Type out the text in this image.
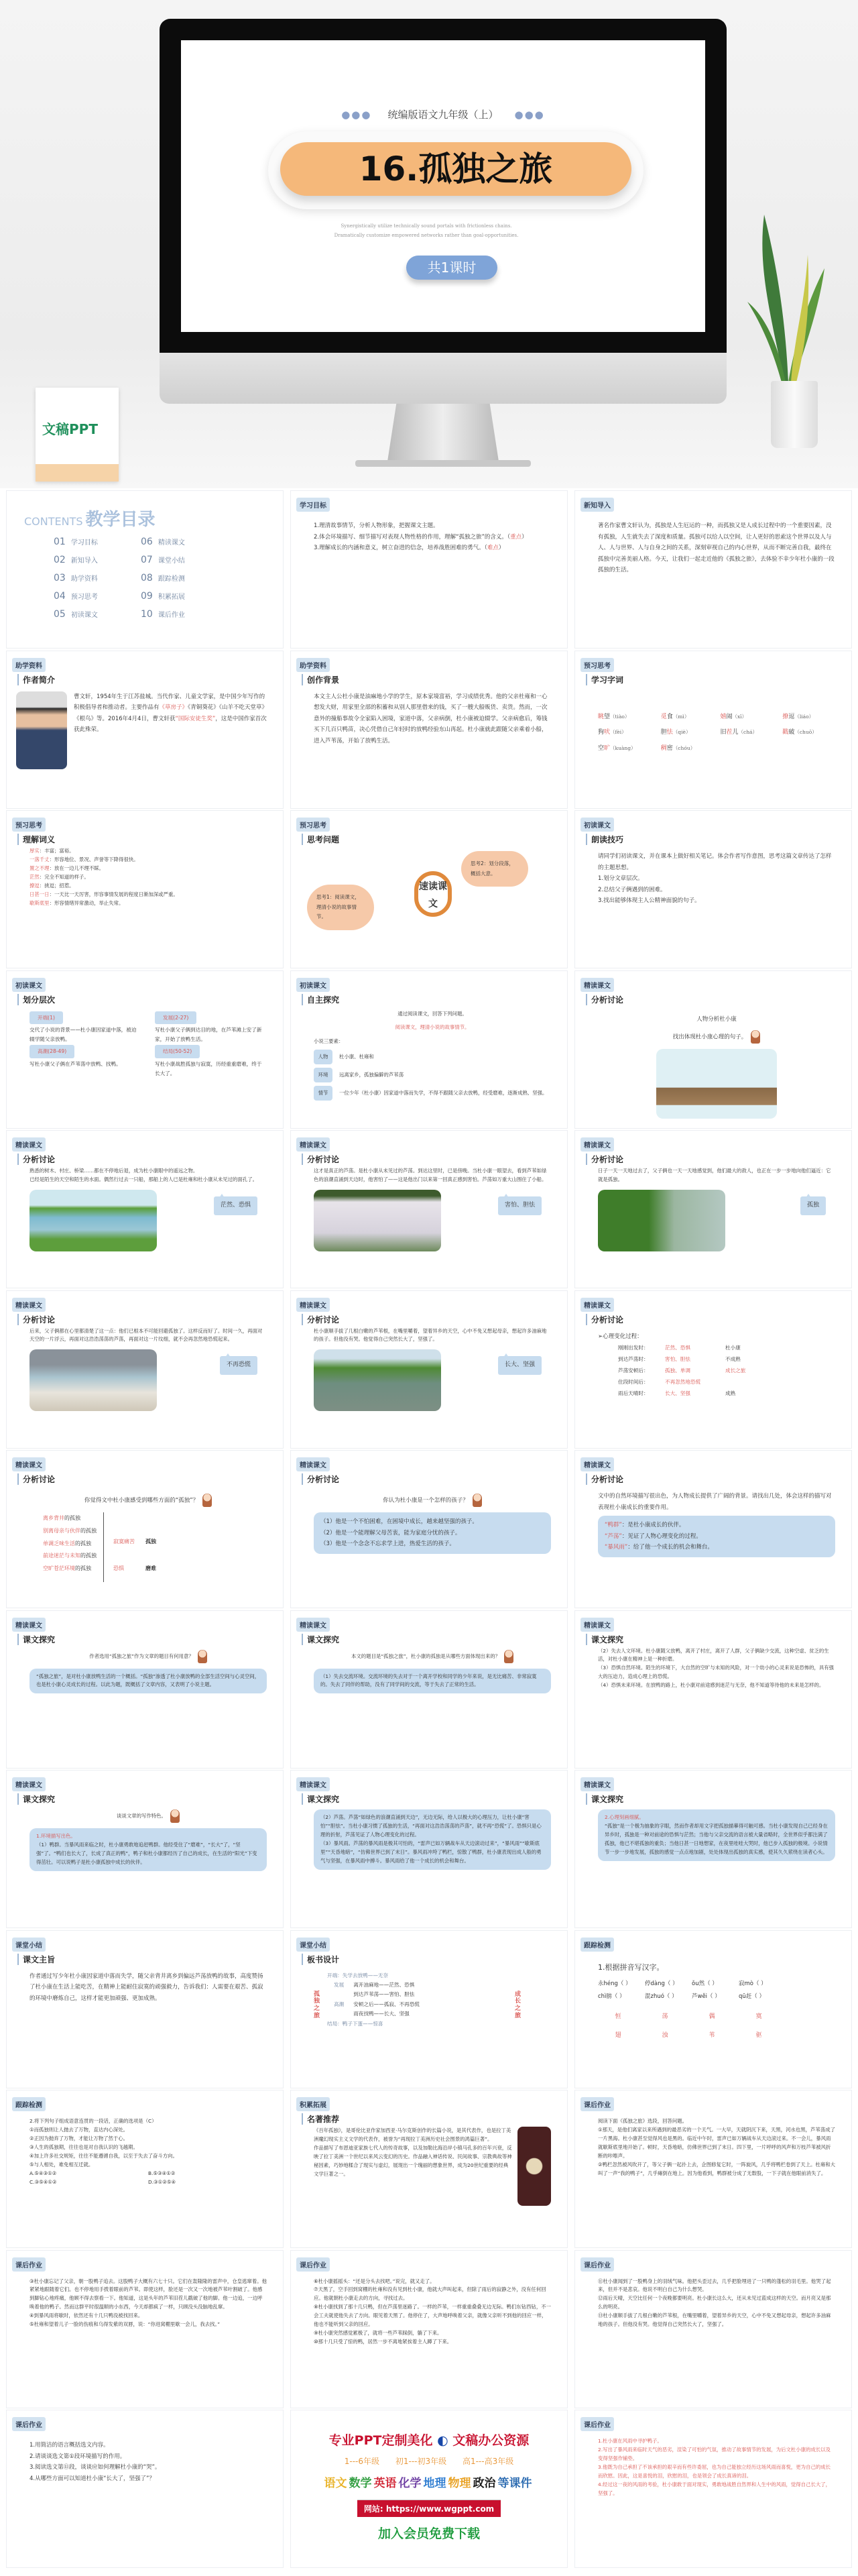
●●● 统编版语文九年级（上） ●●●
16.孤独之旅
Synergistically utilize technically sound portals with frictionless chains. Dramatically customize empowered networks rather than goal-opportunities.
共1课时
文稿PPT
CONTENTS 教学目录
01 学习目标
02 新知导入
03 助学资料
04 预习思考
05 初读课文
06 精读课文
07 课堂小结
08 跟踪检测
09 积累拓展
10 课后作业
学习目标
1.理清故事情节，分析人物形象，把握课文主题。
2.体会环境描写、细节描写对表现人物性格的作用，理解“孤独之旅”的含义。（重点）
3.理解成长的内涵和意义，树立奋进的信念，培养战胜困难的勇气。（难点）
新知导入
著名作家曹文轩认为，孤独是人生厄运的一种，而孤独又是人成长过程中的一个重要因素，没有孤独，人生就失去了深度和质量。孤独可以给人以空间，让人更好的思索这个世界以及人与人、人与世界、人与自身之间的关系，深刻审视自己的内心世界，从而不断完善自我，最终在孤独中完善美丽人格。今天，让我们一起走近他的《孤独之旅》，去体验不幸少年杜小康的一段孤独的生活。
助学资料
作者简介
曹文轩，1954年生于江苏盐城。当代作家、儿童文学家，是中国少年写作的积极倡导者和推动者。主要作品有《草房子》《青铜葵花》《山羊不吃天堂草》《根鸟》等。2016年4月4日，曹文轩获“国际安徒生奖”，这是中国作家首次获此殊荣。
助学资料
创作背景
本文主人公杜小康是油麻地小学的学生，原本家境富裕，学习成绩优秀。他的父亲杜雍和一心想发大财，用家里全部的积蓄和从别人那里借来的钱，买了一艘大船贩货、卖货。然而，一次意外的撞船事故令全家陷入困境，家道中落，父亲病倒，杜小康被迫辍学。父亲病愈后，筹钱买下几百只鸭苗，决心凭借自己年轻时的放鸭经验东山再起。杜小康就此跟随父亲乘着小船，进入芦苇荡，开始了放鸭生活。
预习思考
学习字词
眺望（tiào）	觅食（mì）	嬉闹（xī）	撩逗（liáo）
狗吠（fèi）	胆怯（qiè）	旧茬儿（chá）	戳破（chuō）
空旷（kuàng）	稠密（chóu）
预习思考
理解词义
厚实：丰富；富裕。
一落千丈：形容地位、景况、声誉等下降得很快。
置之不理：放在一边儿不理不睬。
茫然：完全不知道的样子。
撩逗：挑逗；招惹。
日甚一日：一天比一天厉害，形容事情发展的程度日渐加深或严重。
歇斯底里：形容情绪异常激动，举止失常。
预习思考
思考问题
思考1：阅读课文，理清小说的故事情节。
速读课文
思考2：划分段落，概括大意。
初读课文
朗读技巧
请同学们初读课文，并在课本上做好相关笔记。体会作者写作意图，思考这篇文章传达了怎样的主题思想。
1.划分文章层次。
2.总结父子俩遇到的困难。
3.找出能够体现主人公精神面貌的句子。
初读课文
划分层次
开端(1)
交代了小说的背景——杜小康因家道中落，被迫辍学随父亲放鸭。
发展(2-27)
写杜小康父子俩到达目的地，在芦苇滩上安了新家，开始了放鸭生活。
高潮(28-49)
写杜小康父子俩在芦苇荡中放鸭、找鸭。
结局(50-52)
写杜小康战胜孤独与寂寞，历经重重磨难，终于长大了。
初读课文
自主探究
通过阅读课文，回答下列问题。
阅读课文，理清小说的故事情节。
小说三要素：
人物	杜小康、杜雍和
环境	远离家乡，孤独偏僻的芦苇荡
情节	一位少年（杜小康）因家道中落而失学，不得不跟随父亲去放鸭，经受磨难，逐渐成熟、坚强。
精读课文
分析讨论
人物分析杜小康
找出体现杜小康心理的句子。
精读课文
分析讨论
熟悉的树木、村庄、桥梁……都在不停地后退，成为杜小康眼中的遥远之物。
已经是陌生的天空和陌生的水面。偶然行过去一只船，那船上的人已是杜雍和杜小康从未见过的面孔了。
茫然、恐惧
精读课文
分析讨论
这才是真正的芦荡。是杜小康从未见过的芦荡。到达这里时，已是傍晚。当杜小康一眼望去，看到芦苇如绿色的浪潮直涌到天边时，他害怕了——这是他出门以来第一回真正感到害怕。芦荡如万重大山围住了小船。
害怕、胆怯
精读课文
分析讨论
日子一天一天地过去了，父子俩也一天一天地感觉到，他们最大的敌人，也正在一步一步地向他们逼近：它就是孤独。
孤独
精读课文
分析讨论
后来，父子俩都在心里都清楚了这一点：他们已根本不可能回避孤独了。这样反而好了。时间一久，再面对天空的一片浮云，再面对这浩浩荡荡的芦荡，再面对这一片纹细，就不会再忽然地恐慌起来。
不再恐慌
精读课文
分析讨论
杜小康顺手拔了几根白嫩的芦苇根，在嘴里嚼着，望着异乡的天空，心中不免又想起母亲，想起许多油麻地的孩子。但他没有哭。他觉得自己突然长大了，坚强了。
长大、坚强
精读课文
分析讨论
➢心理变化过程：
刚刚出发时：	茫然、恐惧	杜小康
到达芦荡时：	害怕、胆怯	不成熟
芦荡安顿后：	孤独、单调	成长之旅
住段时间后：	不再忽然地恐慌
雨后天晴时：	长大、坚强	成熟
精读课文
分析讨论
你觉得文中杜小康感受到哪些方面的“孤独”？
离乡背井的孤独
别离母亲与伙伴的孤独
单调乏味生活的孤独
前途迷茫与未知的孤独
空旷苍茫环境的孤独
寂寞痛苦
恐惧
孤独
磨难
精读课文
分析讨论
你认为杜小康是一个怎样的孩子？
（1）他是一个不怕困难，在困境中成长，越来越坚强的孩子。
（2）他是一个能理解父母苦衷，能为家庭分忧的孩子。
（3）他是一个念念不忘求学上进，热爱生活的孩子。
精读课文
分析讨论
文中的自然环境描写很出色，为人物成长提供了广阔的背景。请找出几处，体会这样的描写对表现杜小康成长的重要作用。
“鸭群”：是杜小康成长的伙伴。
“芦荡”：见证了人物心理变化的过程。
“暴风雨”：给了他一个成长的机会和舞台。
精读课文
课文探究
作者选用“孤独之旅”作为文章的题目有何用意？
“孤独之旅”，是对杜小康放鸭生活的一个概括。“孤独”渗透了杜小康放鸭的全部生活空间与心灵空间，也是杜小康心灵成长的过程。以此为题，既概括了文章内容，又表明了小说主题。
精读课文
课文探究
本文的题目是“孤独之旅”，杜小康的孤独是从哪些方面体现出来的？
（1）失去交流环境。交流环境的失去对于一个离开学校和同学的少年来说，是无比痛苦、非常寂寞的。失去了同伴的帮助，没有了同学间的交流，等于失去了正常的生活。
精读课文
课文探究
（2）失去人文环境。杜小康随父放鸭，离开了村庄，离开了人群，父子俩缺少交流，这种空虚、贫乏的生活，对杜小康在精神上是一种折磨。
（3）恐惧自然环境。陌生的环境下，大自然的空旷与未知的风险，对一个幼小的心灵来说是恐怖的，具有强大的压迫力，造成心理上的恐慌。
（4）恐惧未来环境。在放鸭的路上，杜小康对前途感到迷茫与无奈，他不知道等待他的未来是怎样的。
精读课文
课文探究
谈谈文章的写作特色。
1.环境描写出色。
（1）鸭群。当暴风雨来临之时，杜小康勇敢地追赶鸭群。他经受住了“磨难”，“长大”了，“坚强”了。“鸭们也长大了，长成了真正的鸭”，鸭子和杜小康都经历了自己的成长，在生活的“阳光”下变得茁壮。可以说鸭子是杜小康孤独中成长的伙伴。
精读课文
课文探究
（2）芦荡。芦荡“如绿色的浪潮直涌到天边”，无边无际，给人以极大的心理压力，让杜小康“害怕”“胆怯”。当杜小康习惯了孤独的生活，“再面对这浩浩荡荡的芦荡”，就不再“恐慌”了。恐惧只是心理的折射，芦荡见证了人物心理变化的过程。
（3）暴风雨。芦荡的暴风雨是极其可怕的，“雷声已如万辆战车从天边滚动过来”，“暴风雨”“歇斯底里”“天昏地暗”，“仿佛世界已到了末日”。暴风雨冲垮了鸭栏，惊散了鸭群，杜小康表现出成人般的勇气与坚强，在暴风雨中搏斗。暴风雨给了他一个成长的机会和舞台。
精读课文
课文探究
2.心理刻画细腻。
“孤独”是一个极为抽象的字眼，然而作者却用文字把孤独描摹得可触可感。当杜小康发现自己已经身在异乡时，孤独是一种对前途的恐惧与茫然；当他与父亲交流的语言被大量省略时，全世界似乎都注满了孤独，他已不堪孤独的重负；当他日甚一日地想家，在夜里哇哇大哭时，他已步入孤独的极境。小说情节一步一步地发展，孤独的感觉一点点地加剧，处处体现出孤独的真实感，使其久久萦绕在读者心头。
课堂小结
课文主旨
作者通过写少年杜小康因家道中落而失学，随父亲背井离乡到偏远芦荡放鸭的故事，高度赞扬了杜小康在生活上能吃苦，在精神上能耐住寂寞的顽强毅力，告诉我们：人需要在艰苦、孤寂的环境中磨炼自己，这样才能更加顽强、更加成熟。
课堂小结
板书设计
孤独之旅
成长之旅
开端：失学去放鸭——无奈
发展 离开油麻地——茫然、恐惧
到达芦苇荡——害怕、胆怯
高潮 安顿之后——孤寂、不再恐慌
雨夜找鸭——长大、坚强
结局：鸭子下蛋——惊喜
跟踪检测
1.根据拼音写汉字。
永héng（ ）	停dàng（ ）	ǒu然（ ）	寂mò（ ）
chì膀（ ）	混zhuó（ ）	芦wěi（ ）	qū赶（ ）
恒	荡	偶	寞
翅	浊	苇	驱
跟踪检测
2.将下列句子组成语意连贯的一段话，正确的选项是（C）
①而孤独则让人抛去了万物，直达内心深处。
②正因为抛弃了万物，才能让万物了然于心。
③人生的孤独期，往往也是对自我认识的飞越期。
④加上许多社交规矩，往往不能遵循自我，以至于失去了奋斗方向。
⑤与人相处，难免相互迁就。
A.⑤④③①②	B.⑤③④①②
C.③⑤④①②	D.③①②⑤④
积累拓展
名著推荐
《百年孤独》，是哥伦比亚作家加西亚·马尔克斯创作的长篇小说，是其代表作，也是拉丁美洲魔幻现实主义文学的代表作，被誉为“再现拉丁美洲历史社会图景的鸿篇巨著”。
作品描写了布恩迪亚家族七代人的传奇故事，以及加勒比海沿岸小镇马孔多的百年兴衰，反映了拉丁美洲一个世纪以来风云变幻的历史。作品融入神话传说、民间故事、宗教典故等神秘因素，巧妙地糅合了现实与虚幻，展现出一个瑰丽的想象世界，成为20世纪重要的经典文学巨著之一。
课后作业
阅读下面《孤独之旅》选段，回答问题。
①那天，是他们离家以来所遇到的最恶劣的一个天气。一大早，天就阴沉下来，天黑，河水也黑，芦苇荡成了一片黑海。杜小康甚至觉得风也是黑的。临近中午时，雷声已如万辆战车从天边滚过来。不一会儿，暴风雨就歇斯底里地开始了。顿时，天昏地暗，仿佛世界已到了末日。四下里，一片呼呼的风声和万枝芦苇被风折断的咔嚓声。
②鸭栏忽然被风吹开了，等父子俩一起扑上去，企图修复它时，一阵旋风，几乎将鸭栏卷到了天上。杜雍和大叫了一声“我的鸭子”，几乎瘫倒在地上。因为他看到，鸭群被分成了无数股，一下子就在他眼前消失了。
课后作业
③杜小康忘记了父亲，朝一股鸭子追去。这股鸭子大概有六七十只。它们在轰隆隆的雷声中，仓皇逃窜着。他紧紧地跟随着它们。也不停地用手拨着眼前的芦苇。即使这样，脸还是一次又一次地被芦苇叶割破了。他感到脚钻心地疼痛，他顾不得去察看一下。他知道，这是头年的芦苇旧茬儿戳破了他的脚。他一边追，一边呼唤着他的鸭子。然而这群平时很温顺的小东西，今天却都疯了一样，只顾没头没脑地乱窜。
④到暴风雨将歇时，依然还有十几只鸭没被找回来。
⑤杜雍和望着儿子一脸的伤痕和乌得发紫的双唇，说：“你进窝棚里歇一会儿，我去找。”
课后作业
⑥杜小康摇摇头：“还是分头去找吧。”说完，就又走了。
⑦天黑了，空手回到窝棚的杜雍和没有见到杜小康，他就大声叫起来，但除了雨后的寂静之外，没有任何回应。他就朝杜小康走去的方向，寻找过去。
⑧杜小康找到了那十几只鸭，但在芦荡里迷路了。一样的芦苇，一样重重叠叠无边无际。鸭们东钻西钻，不一会工夫就使他失去了方向。眼见着天黑了。他停住了，大声地呼唤着父亲，就像父亲听不到他的回应一样，他也不能听到父亲的回应。
⑨杜小康突然感觉累极了，就将一些芦苇踩倒，躺了下来。
⑩那十几只受了惊的鸭，居然一步不离地紧挨着主人蹲了下来。
课后作业
⑪杜小康闻到了一股鸭身上的羽绒气味。他把头歪过去，几乎把脸埋进了一只鸭的蓬松的羽毛里。他哭了起来，但并不是悲哀。他说不明白自己为什么想哭。
⑫雨后天晴，天空比任何一个夜晚都要明亮。杜小康长这么大，还从未见过蓝成这样的天空。而月亮又是那么的明亮。
⑬杜小康顺手拔了几根白嫩的芦苇根，在嘴里嚼着，望着异乡的天空，心中不免又想起母亲，想起许多油麻地的孩子。但他没有哭。他觉得自己突然长大了，坚强了。
课后作业
1.用简洁的语言概括选文内容。
2.请谈谈选文第①段环境描写的作用。
3.阅读选文第⑪段，谈谈应如何理解杜小康的“哭”。
4.从哪些方面可以知道杜小康“长大了，坚强了”？
专业PPT定制美化 ◐ 文稿办公资源
1---6年级 初1---初3年级 高1---高3年级
语文 数学 英语 化学 地理 物理 政治 等课件
网站: https://www.wgppt.com
加入会员免费下载
课后作业
1.杜小康在风雨中寻护鸭子。
2.写出了暴风雨来临时天气的恶劣，渲染了可怕的气氛，推动了故事情节的发展，为后文杜小康的成长以及变得坚强作铺垫。
3.他既为自己承担了不该承担的艰辛而有些许委屈，也为自己能独立经历这场风雨而喜悦，更为自己的成长而欣慰。因此，这是喜悦的泪，欣慰的泪，也是领会了成长真谛的泪。
4.经过这一夜的风雨的考验，杜小康敢于面对现实，勇敢地战胜自然界和人生中的风雨，觉得自己长大了，坚强了。
